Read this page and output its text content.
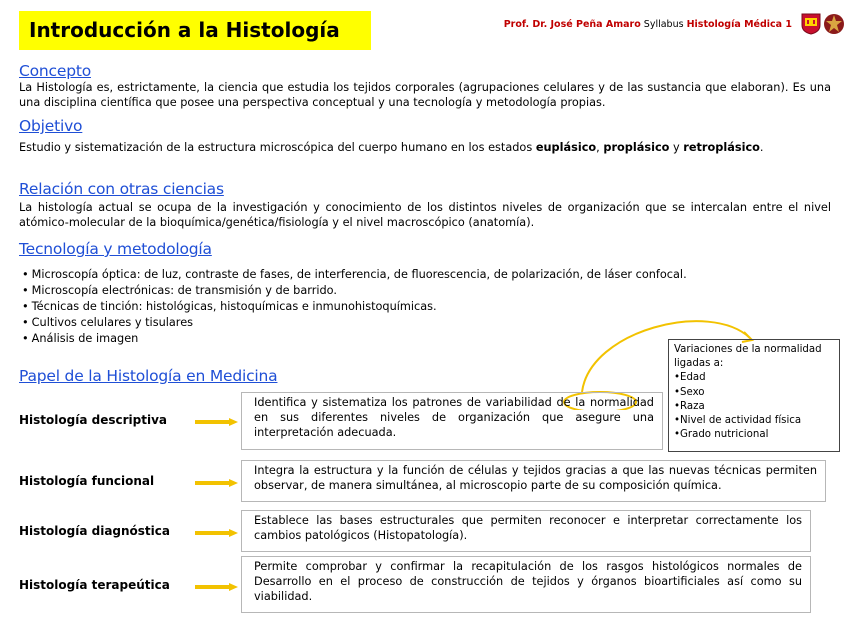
Introducción a la Histología	Prof. Dr. José Peña Amaro Syllabus Histología Médica 1
Concepto
La Histología es, estrictamente, la ciencia que estudia los tejidos corporales (agrupaciones celulares y de las sustancia que elaboran). Es una una disciplina científica que posee una perspectiva conceptual y una tecnología y metodología propias.
Objetivo
Estudio y sistematización de la estructura microscópica del cuerpo humano en los estados euplásico, proplásico y retroplásico.
Relación con otras ciencias
La histología actual se ocupa de la investigación y conocimiento de los distintos niveles de organización que se intercalan entre el nivel atómico-molecular de la bioquímica/genética/fisiología y el nivel macroscópico (anatomía).
Tecnología y metodología
• Microscopía óptica: de luz, contraste de fases, de interferencia, de fluorescencia, de polarización, de láser confocal.
• Microscopía electrónicas: de transmisión y de barrido.
• Técnicas de tinción: histológicas, histoquímicas e inmunohistoquímicas.
• Cultivos celulares y tisulares
• Análisis de imagen
Papel de la Histología en Medicina
Histología descriptiva
Identifica y sistematiza los patrones de variabilidad de la normalidad en sus diferentes niveles de organización que asegure una interpretación adecuada.
Variaciones de la normalidad ligadas a:
• Edad
• Sexo
• Raza
• Nivel de actividad física
• Grado nutricional
Histología funcional
Integra la estructura y la función de células y tejidos gracias a que las nuevas técnicas permiten observar, de manera simultánea, al microscopio parte de su composición química.
Histología diagnóstica
Establece las bases estructurales que permiten reconocer e interpretar correctamente los cambios patológicos (Histopatología).
Histología terapeútica
Permite comprobar y confirmar la recapitulación de los rasgos histológicos normales de Desarrollo en el proceso de construcción de tejidos y órganos bioartificiales así como su viabilidad.
